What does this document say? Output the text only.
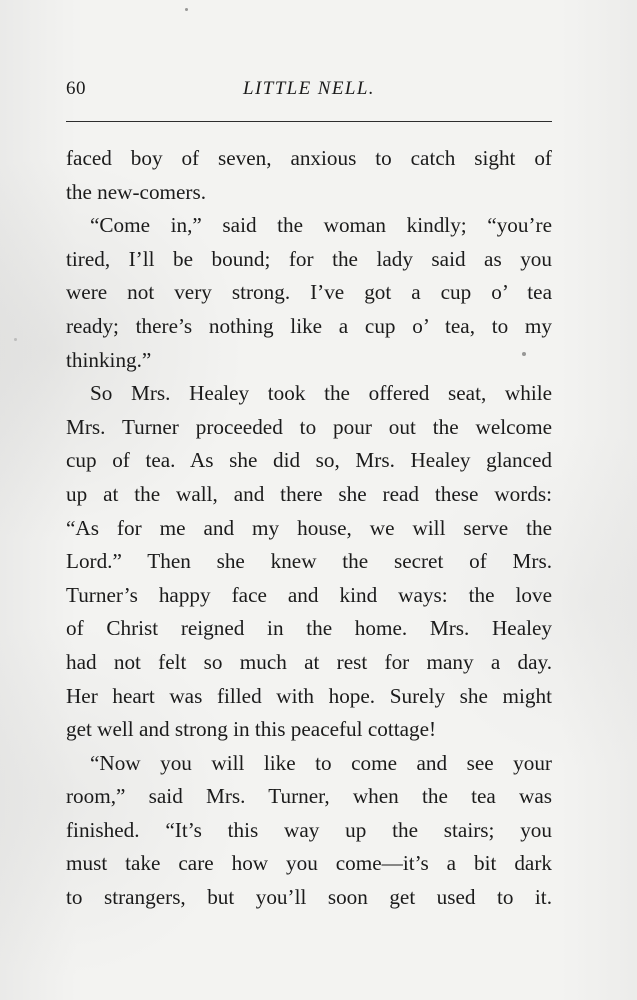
60	LITTLE NELL.
faced boy of seven, anxious to catch sight of
the new-comers.
“Come in,” said the woman kindly; “you’re
tired, I’ll be bound; for the lady said as you
were not very strong. I’ve got a cup o’ tea
ready; there’s nothing like a cup o’ tea, to my
thinking.”
So Mrs. Healey took the offered seat, while
Mrs. Turner proceeded to pour out the welcome
cup of tea. As she did so, Mrs. Healey glanced
up at the wall, and there she read these words:
“As for me and my house, we will serve the
Lord.” Then she knew the secret of Mrs.
Turner’s happy face and kind ways: the love
of Christ reigned in the home. Mrs. Healey
had not felt so much at rest for many a day.
Her heart was filled with hope. Surely she might
get well and strong in this peaceful cottage!
“Now you will like to come and see your
room,” said Mrs. Turner, when the tea was
finished. “It’s this way up the stairs; you
must take care how you come—it’s a bit dark
to strangers, but you’ll soon get used to it.
